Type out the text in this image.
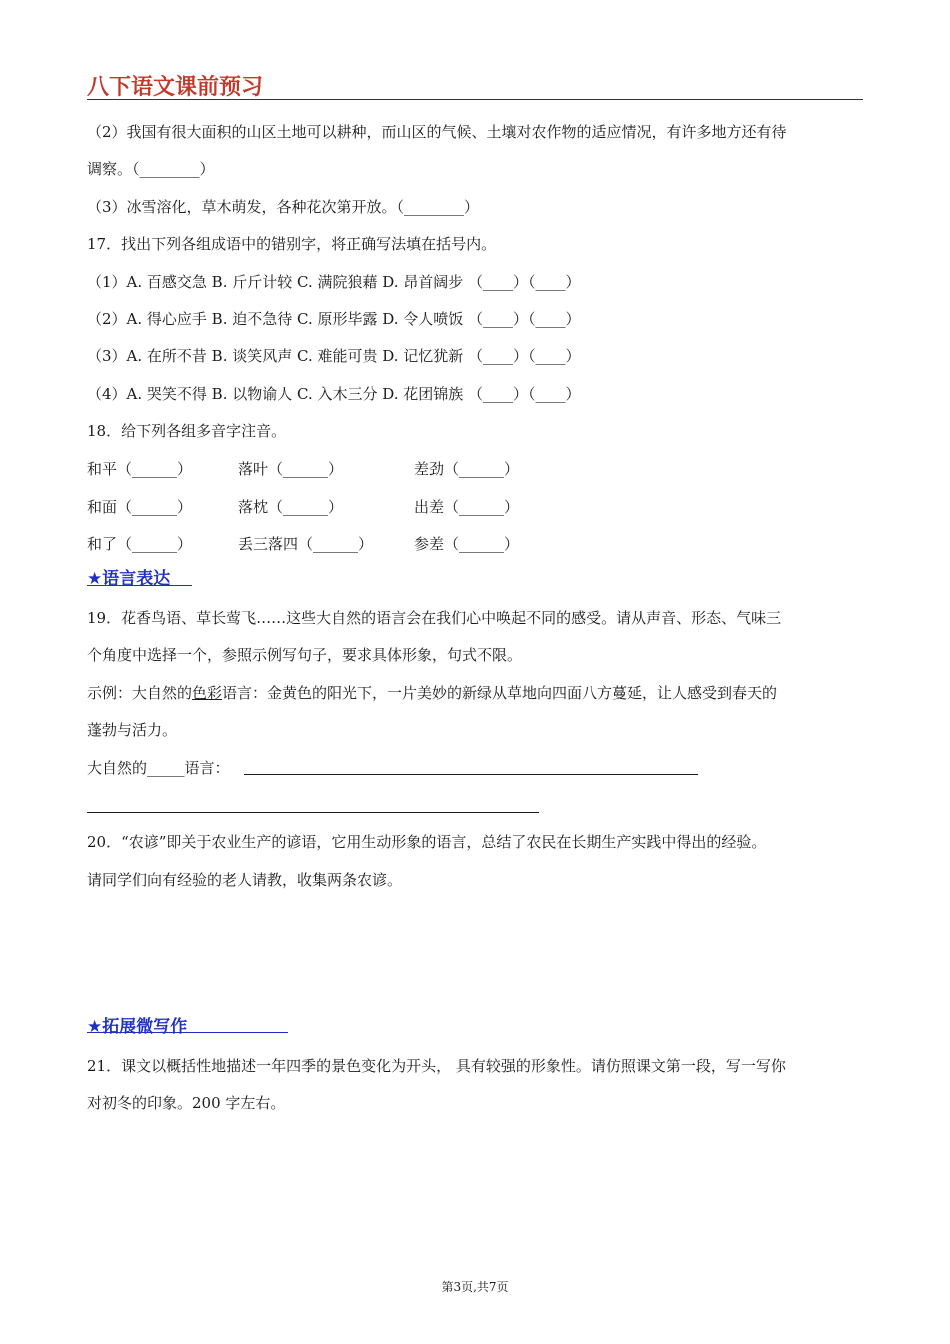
八下语文课前预习
（2）我国有很大面积的山区土地可以耕种，而山区的气候、土壤对农作物的适应情况，有许多地方还有待
调察。（________）
（3）冰雪溶化，草木萌发，各种花次第开放。（________）
17．找出下列各组成语中的错别字，将正确写法填在括号内。
（1）A. 百感交急 B. 斤斤计较 C. 满院狼藉 D. 昂首阔步 （____）（____）
（2）A. 得心应手 B. 迫不急待 C. 原形毕露 D. 令人喷饭 （____）（____）
（3）A. 在所不昔 B. 谈笑风声 C. 难能可贵 D. 记忆犹新 （____）（____）
（4）A. 哭笑不得 B. 以物谕人 C. 入木三分 D. 花团锦族 （____）（____）
18．给下列各组多音字注音。
和平（______）	落叶（______）	差劲（______）
和面（______）	落枕（______）	出差（______）
和了（______）	丢三落四（______）	参差（______）
★语言表达
19．花香鸟语、草长莺飞……这些大自然的语言会在我们心中唤起不同的感受。请从声音、形态、气味三
个角度中选择一个，参照示例写句子，要求具体形象，句式不限。
示例：大自然的色彩语言：金黄色的阳光下，一片美妙的新绿从草地向四面八方蔓延，让人感受到春天的
蓬勃与活力。
大自然的_____语言：
20．“农谚”即关于农业生产的谚语，它用生动形象的语言，总结了农民在长期生产实践中得出的经验。
请同学们向有经验的老人请教，收集两条农谚。
★拓展微写作
21．课文以概括性地描述一年四季的景色变化为开头， 具有较强的形象性。请仿照课文第一段，写一写你
对初冬的印象。200 字左右。
第3页,共7页
